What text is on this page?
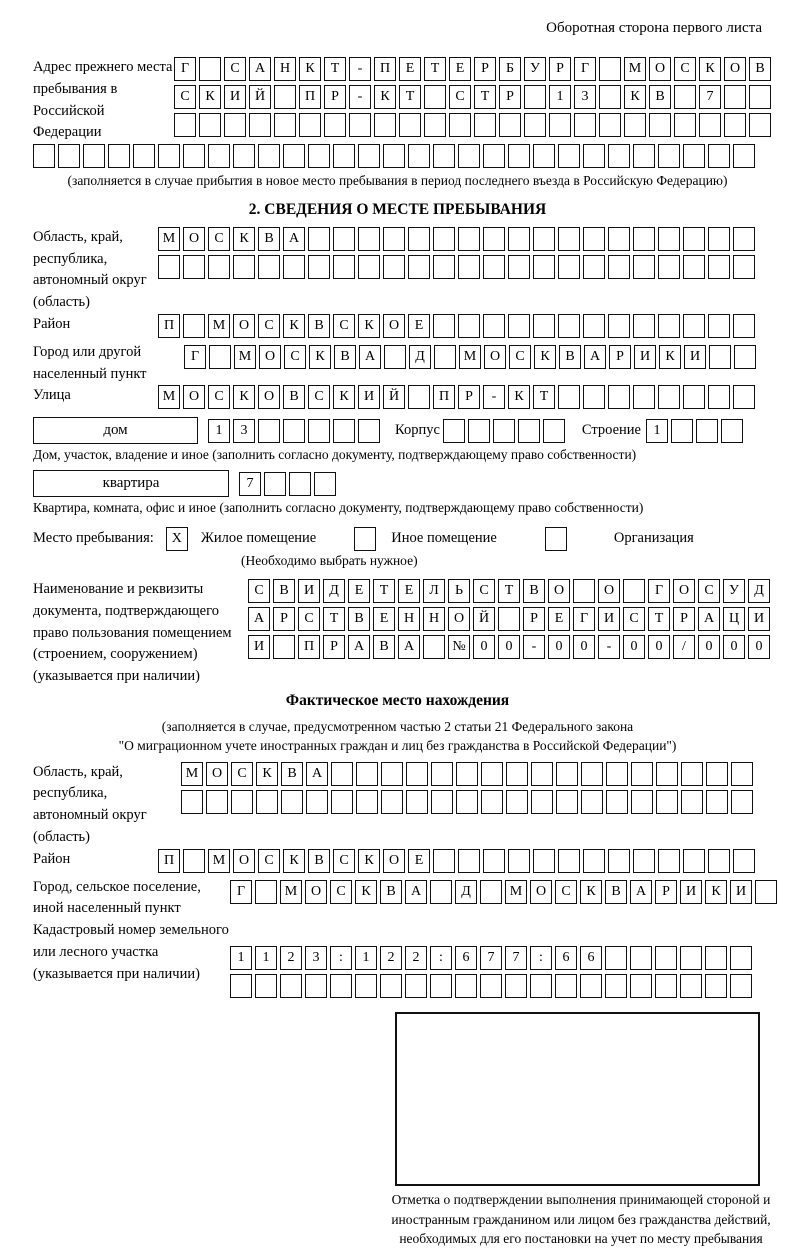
Оборотная сторона первого листа
Адрес прежнего места пребывания в Российской Федерации
Г	С	А	Н	К	Т	-	П	Е	Т	Е	Р	Б	У	Р	Г	М О	С	К	О	В
С	К	И	Й	П	Р	-	К	Т	С	Т	Р	1	3	К	В	7
(заполняется в случае прибытия в новое место пребывания в период последнего въезда в Российскую Федерацию)
2. СВЕДЕНИЯ О МЕСТЕ ПРЕБЫВАНИЯ
Область, край, республика, автономный округ (область)
М О	С	К	В	А
Район	П	М О	С	К	В	С	К	О	Е
Город или другой населенный пункт
Г	М О	С	К	В	А	Д	М О	С	К	В	А	Р	И	К	И
Улица	М О	С	К	О	В	С	К	И	Й	П	Р	-	К	Т
дом	1	3	Корпус	Строение 1
Дом, участок, владение и иное (заполнить согласно документу, подтверждающему право собственности)
квартира	7
Квартира, комната, офис и иное (заполнить согласно документу, подтверждающему право собственности)
Место пребывания:	X	Жилое помещение	Иное помещение	Организация
(Необходимо выбрать нужное)
Наименование и реквизиты документа, подтверждающего право пользования помещением (строением, сооружением) (указывается при наличии)
С	В	И	Д	Е	Т	Е	Л	Ь	С	Т	В	О	О	Г	О	С	У	Д
А	Р	С	Т	В	Е	Н	Н	О	Й	Р	Е	Г	И	С	Т	Р	А	Ц	И
И	П	Р	А	В	А	№	0	0	-	0	0	-	0	0	/	0	0	0
Фактическое место нахождения
(заполняется в случае, предусмотренном частью 2 статьи 21 Федерального закона
"О миграционном учете иностранных граждан и лиц без гражданства в Российской Федерации")
Область, край, республика, автономный округ (область)
М О	С	К	В	А
Район	П	М О	С	К	В	С	К	О	Е
Город, сельское поселение, иной населенный пункт
Г	М О	С	К	В	А	Д	М О	С	К	В	А	Р	И	К	И
Кадастровый номер земельного или лесного участка (указывается при наличии)
1	1	2	3	:	1	2	2	:	6	7	7	:	6	6
Отметка о подтверждении выполнения принимающей стороной и иностранным гражданином или лицом без гражданства действий, необходимых для его постановки на учет по месту пребывания
